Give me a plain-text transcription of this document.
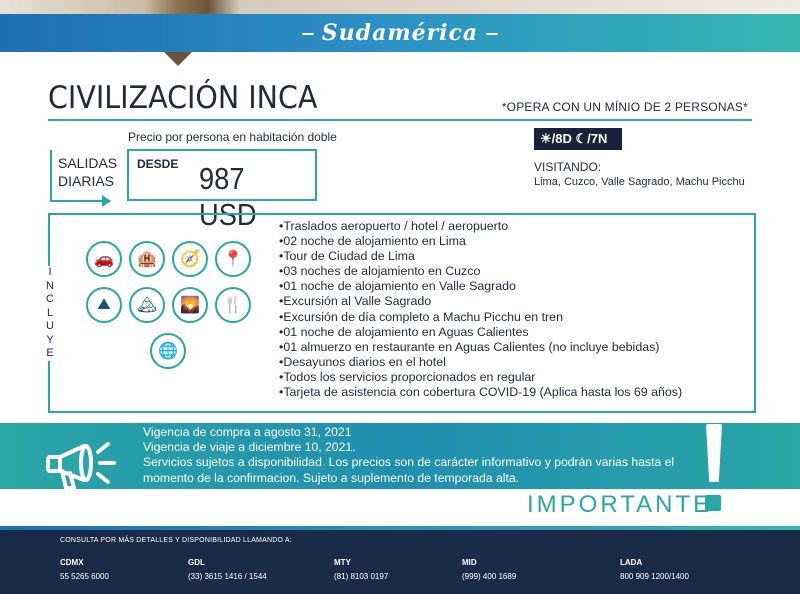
Sudamérica
CIVILIZACIÓN INCA	*OPERA CON UN MÍNIO DE 2 PERSONAS*
Precio por persona en habitación doble
SALIDAS
DIARIAS
DESDE 987 USD
☀/8D ☾/7N
VISITANDO:
Lima, Cuzco, Valle Sagrado, Machu Picchu
I
N
C
L
U
Y
E
🚗	🏨	🧭	📍
⛰	🏔	🌄	🍴
🌐
•Traslados aeropuerto / hotel / aeropuerto
•02 noche de alojamiento en Lima
•Tour de Ciudad de Lima
•03 noches de alojamiento en Cuzco
•01 noche de alojamiento en Valle Sagrado
•Excursión al Valle Sagrado
•Excursión de día completo a Machu Picchu en tren
•01 noche de alojamiento en Aguas Calientes
•01 almuerzo en restaurante en Aguas Calientes (no incluye bebidas)
•Desayunos diarios en el hotel
•Todos los servicios proporcionados en regular
•Tarjeta de asistencia con cobertura COVID-19 (Aplica hasta los 69 años)
Vigencia de compra a agosto 31, 2021
Vigencia de viaje a diciembre 10, 2021.
Servicios sujetos a disponibilidad. Los precios son de carácter informativo y podrán varias hasta el
momento de la confirmacion. Sujeto a suplemento de temporada alta.
IMPORTANTE
CONSULTA POR MÁS DETALLES Y DISPONIBILIDAD LLAMANDO A:
CDMX
55 5265 6000
GDL
(33) 3615 1416 / 1544
MTY
(81) 8103 0197
MID
(999) 400 1689
LADA
800 909 1200/1400
